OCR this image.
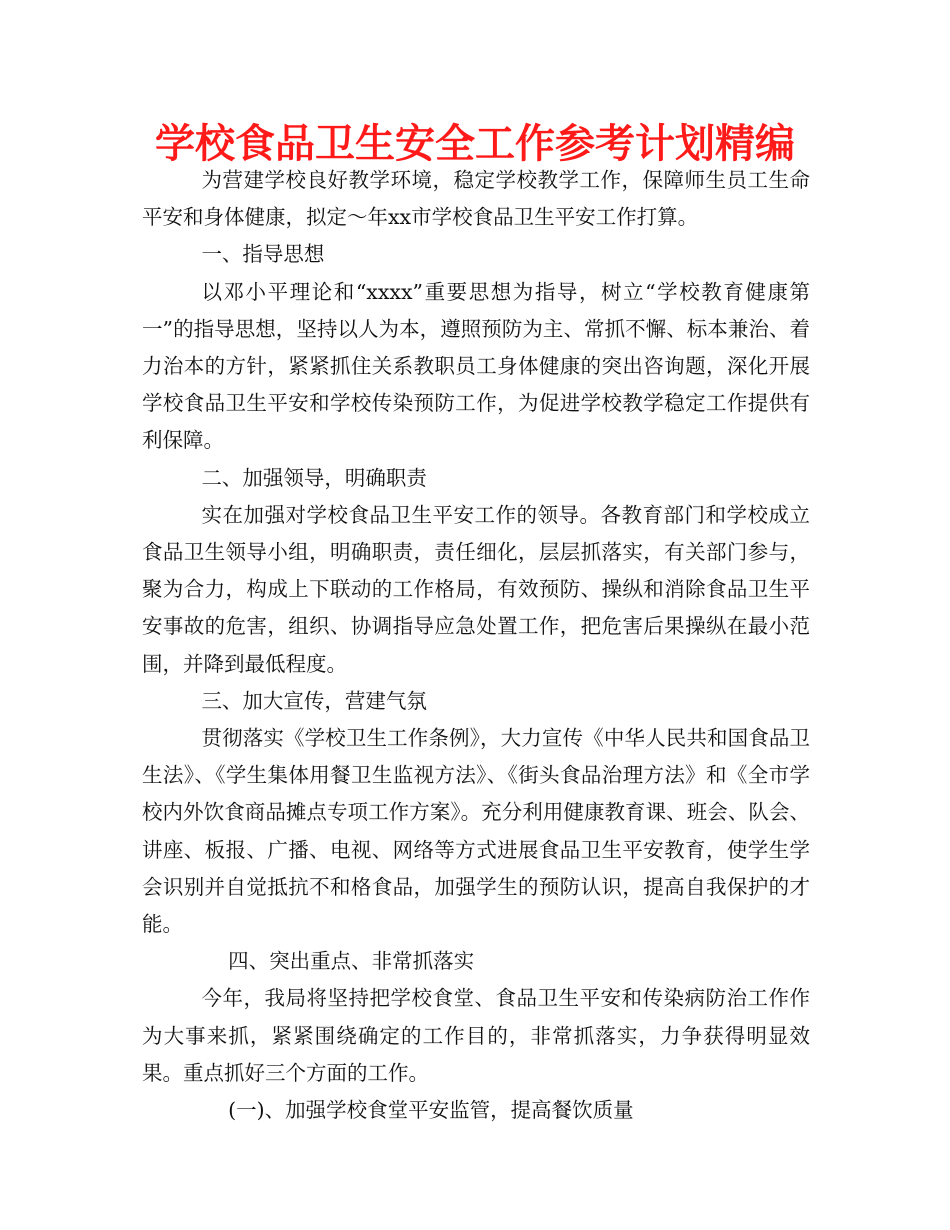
学校食品卫生安全工作参考计划精编

为营建学校良好教学环境，稳定学校教学工作，保障师生员工生命平安和身体健康，拟定～年xx市学校食品卫生平安工作打算。

一、指导思想

以邓小平理论和“xxxx”重要思想为指导，树立“学校教育健康第一”的指导思想，坚持以人为本，遵照预防为主、常抓不懈、标本兼治、着力治本的方针，紧紧抓住关系教职员工身体健康的突出咨询题，深化开展学校食品卫生平安和学校传染预防工作，为促进学校教学稳定工作提供有利保障。

二、加强领导，明确职责

实在加强对学校食品卫生平安工作的领导。各教育部门和学校成立食品卫生领导小组，明确职责，责任细化，层层抓落实，有关部门参与，聚为合力，构成上下联动的工作格局，有效预防、操纵和消除食品卫生平安事故的危害，组织、协调指导应急处置工作，把危害后果操纵在最小范围，并降到最低程度。

三、加大宣传，营建气氛

贯彻落实《学校卫生工作条例》，大力宣传《中华人民共和国食品卫生法》、《学生集体用餐卫生监视方法》、《街头食品治理方法》和《全市学校内外饮食商品摊点专项工作方案》。充分利用健康教育课、班会、队会、讲座、板报、广播、电视、网络等方式进展食品卫生平安教育，使学生学会识别并自觉抵抗不和格食品，加强学生的预防认识，提高自我保护的才能。

四、突出重点、非常抓落实

今年，我局将坚持把学校食堂、食品卫生平安和传染病防治工作作为大事来抓，紧紧围绕确定的工作目的，非常抓落实，力争获得明显效果。重点抓好三个方面的工作。

(一)、加强学校食堂平安监管，提高餐饮质量
